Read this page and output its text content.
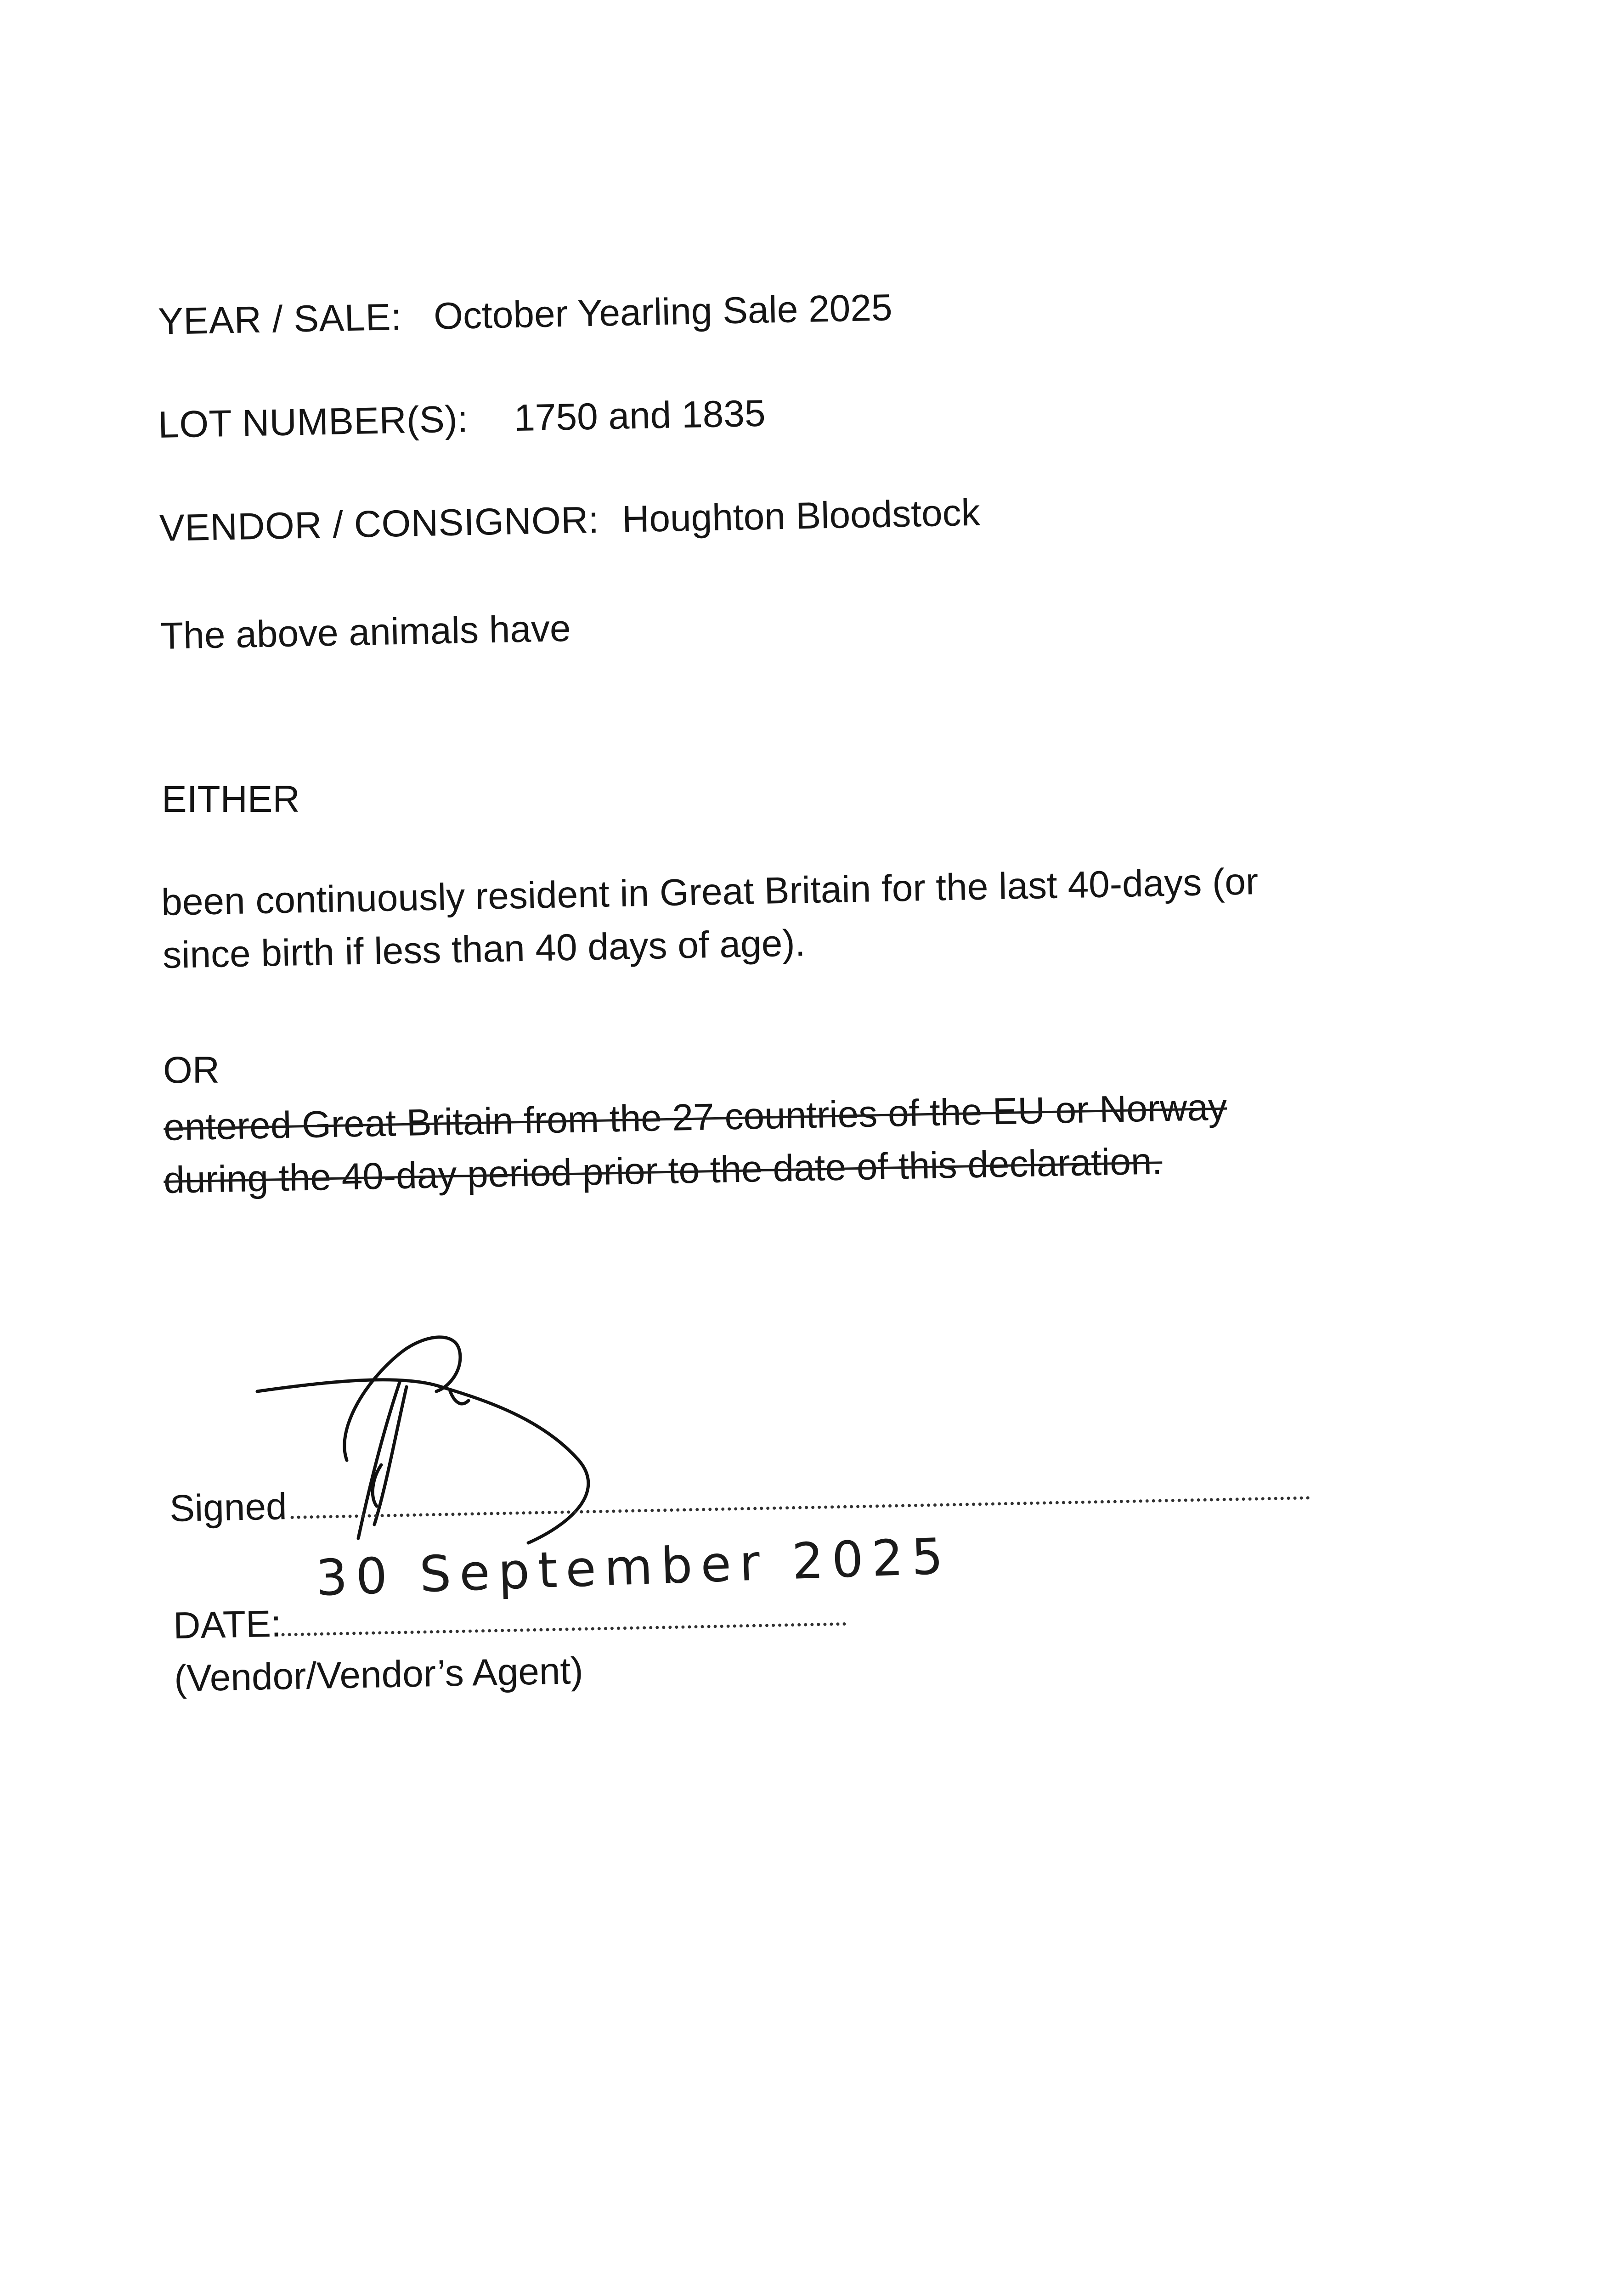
YEAR / SALE: October Yearling Sale 2025
LOT NUMBER(S): 1750 and 1835
VENDOR / CONSIGNOR: Houghton Bloodstock
The above animals have
EITHER
been continuously resident in Great Britain for the last 40-days (or
since birth if less than 40 days of age).
OR
entered Great Britain from the 27 countries of the EU or Norway
during the 40-day period prior to the date of this declaration.
Signed
30 September 2025
DATE:
(Vendor/Vendor’s Agent)
